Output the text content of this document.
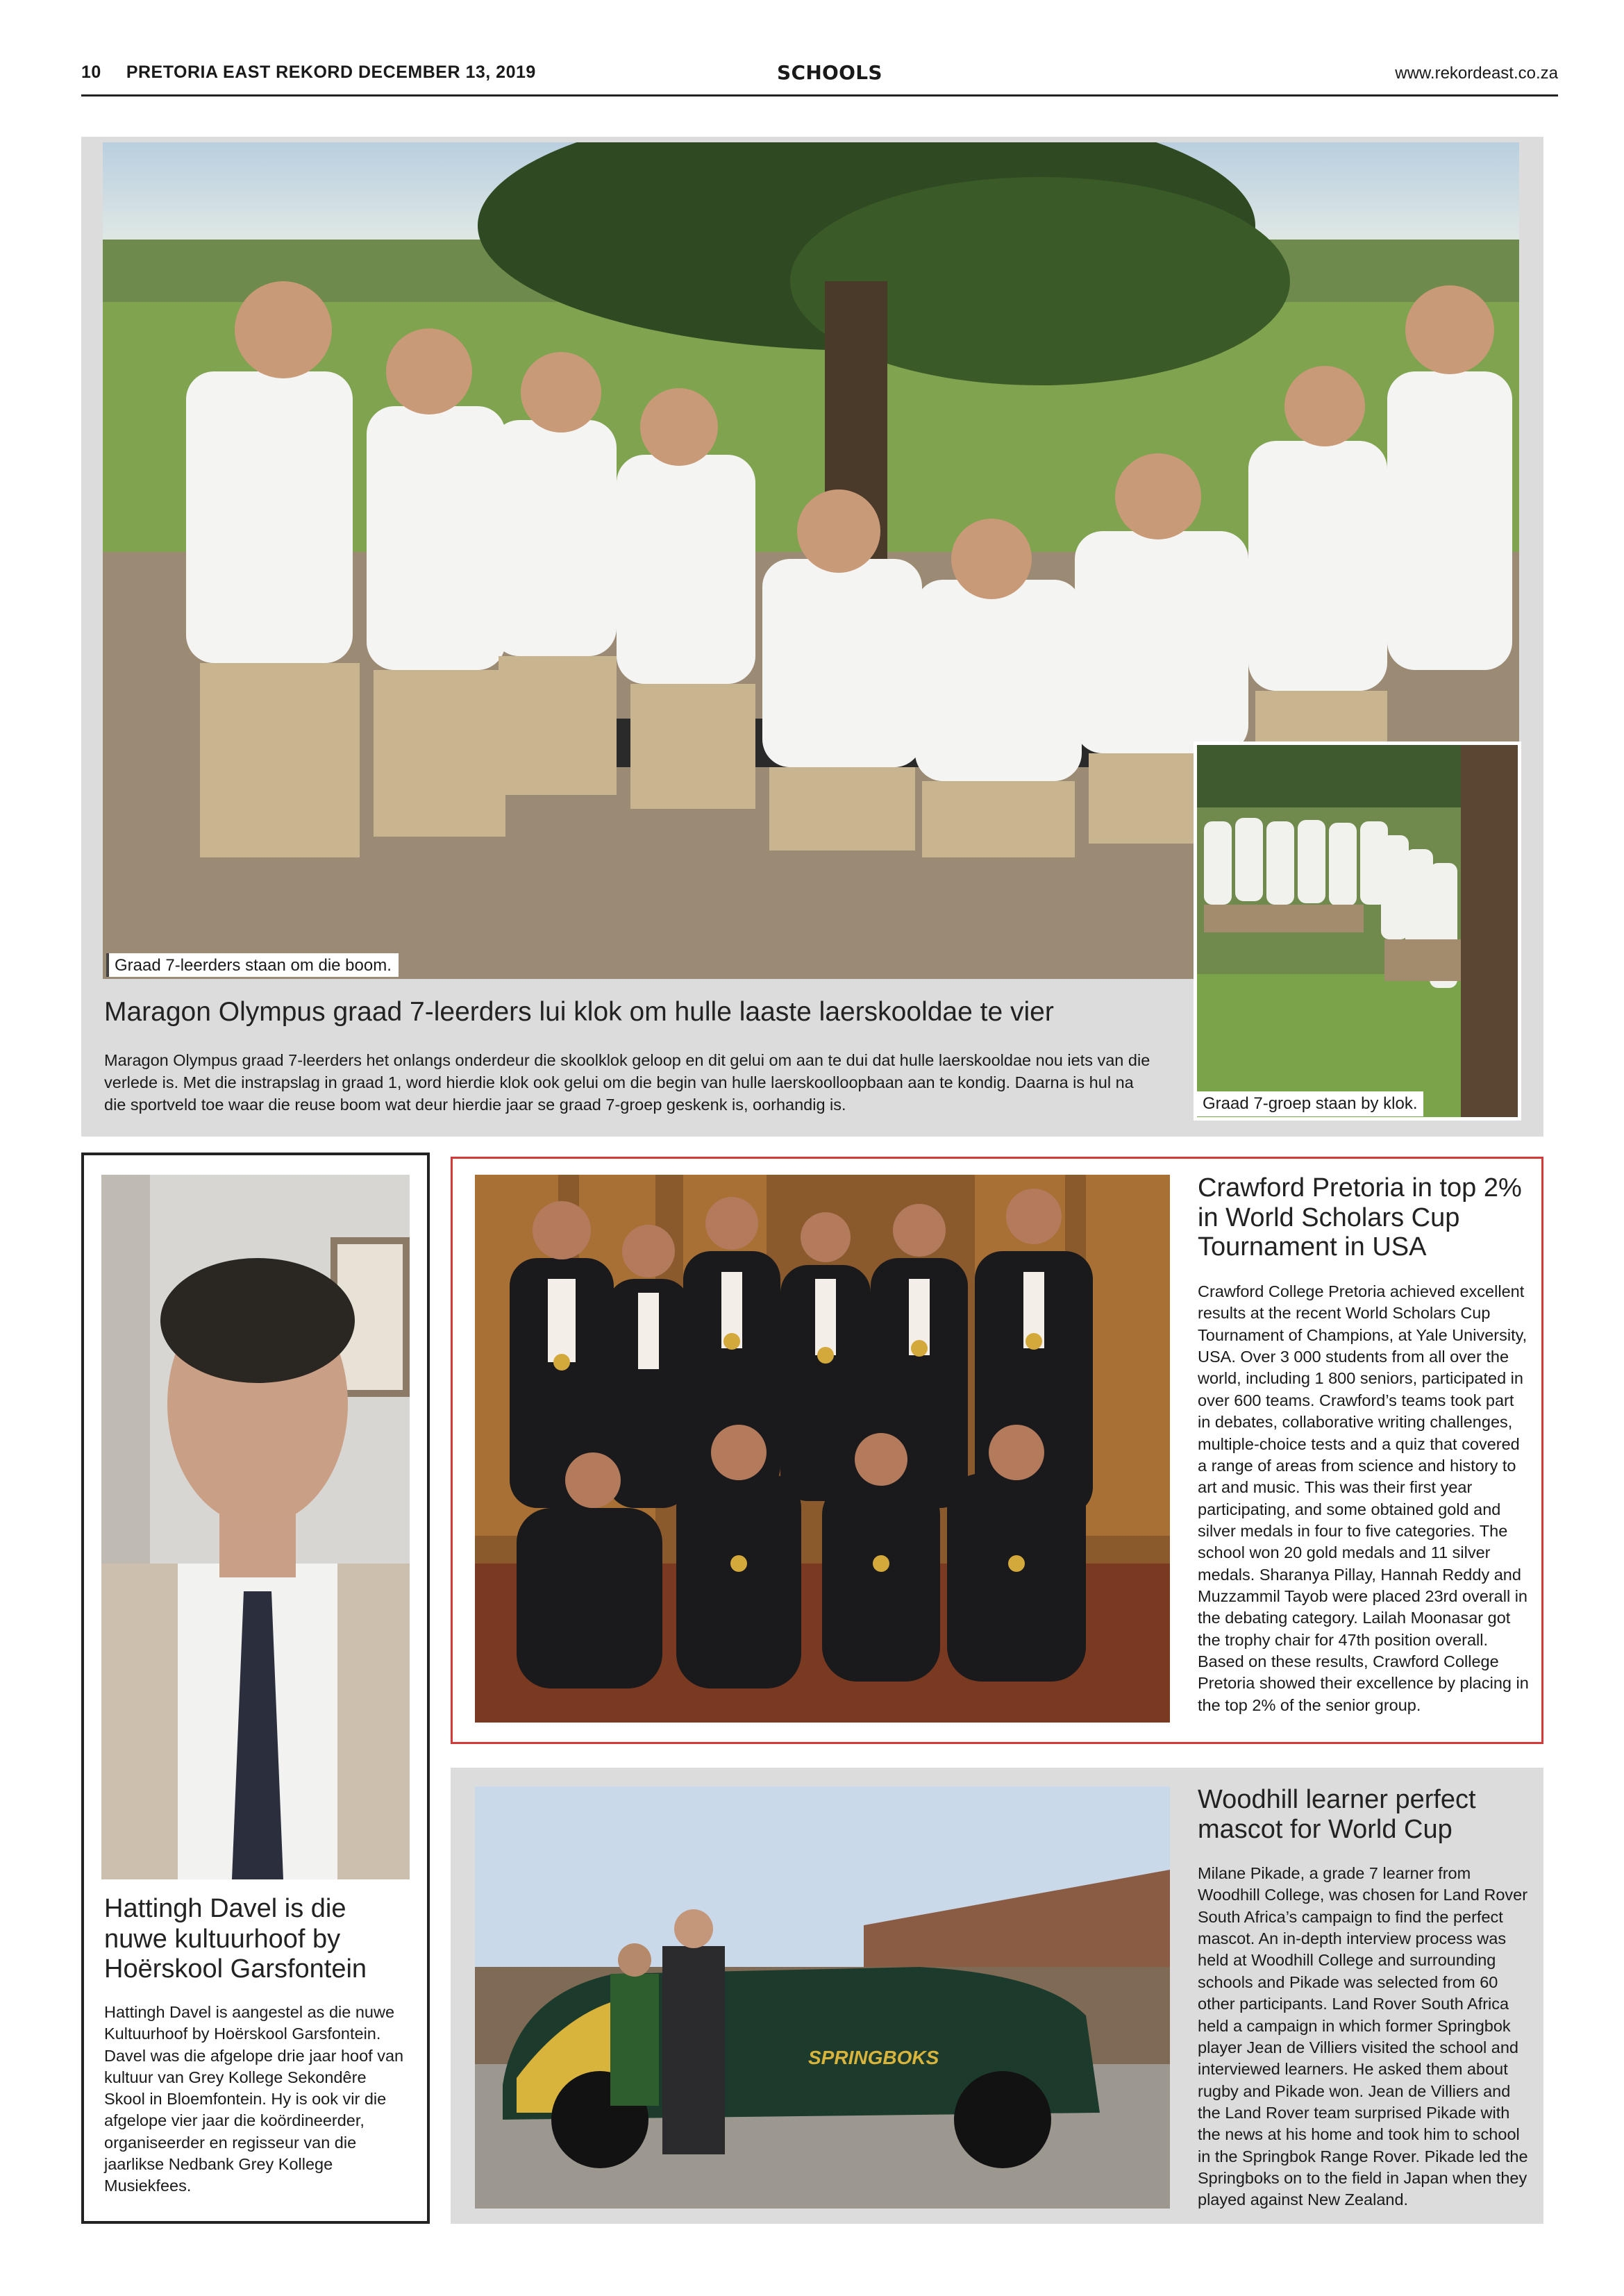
10 PRETORIA EAST REKORD DECEMBER 13, 2019	SCHOOLS	www.rekordeast.co.za
Graad 7-leerders staan om die boom.
Graad 7-groep staan by klok.
Maragon Olympus graad 7-leerders lui klok om hulle laaste laerskooldae te vier
Maragon Olympus graad 7-leerders het onlangs onderdeur die skoolklok geloop en dit gelui om aan te dui dat hulle laerskooldae nou iets van die verlede is. Met die instrapslag in graad 1, word hierdie klok ook gelui om die begin van hulle laerskoolloopbaan aan te kondig. Daarna is hul na die sportveld toe waar die reuse boom wat deur hierdie jaar se graad 7-groep geskenk is, oorhandig is.
Hattingh Davel is die nuwe kultuurhoof by Hoërskool Garsfontein
Hattingh Davel is aangestel as die nuwe Kultuurhoof by Hoërskool Garsfontein. Davel was die afgelope drie jaar hoof van kultuur van Grey Kollege Sekondêre Skool in Bloemfontein. Hy is ook vir die afgelope vier jaar die koördineerder, organiseerder en regisseur van die jaarlikse Nedbank Grey Kollege Musiekfees.
Crawford Pretoria in top 2% in World Scholars Cup Tournament in USA
Crawford College Pretoria achieved excellent results at the recent World Scholars Cup Tournament of Champions, at Yale University, USA. Over 3 000 students from all over the world, including 1 800 seniors, participated in over 600 teams. Crawford’s teams took part in debates, collaborative writing challenges, multiple-choice tests and a quiz that covered a range of areas from science and history to art and music. This was their first year participating, and some obtained gold and silver medals in four to five categories. The school won 20 gold medals and 11 silver medals. Sharanya Pillay, Hannah Reddy and Muzzammil Tayob were placed 23rd overall in the debating category. Lailah Moonasar got the trophy chair for 47th position overall. Based on these results, Crawford College Pretoria showed their excellence by placing in the top 2% of the senior group.
SPRINGBOKS
Woodhill learner perfect mascot for World Cup
Milane Pikade, a grade 7 learner from Woodhill College, was chosen for Land Rover South Africa’s campaign to find the perfect mascot. An in-depth interview process was held at Woodhill College and surrounding schools and Pikade was selected from 60 other participants. Land Rover South Africa held a campaign in which former Springbok player Jean de Villiers visited the school and interviewed learners. He asked them about rugby and Pikade won. Jean de Villiers and the Land Rover team surprised Pikade with the news at his home and took him to school in the Springbok Range Rover. Pikade led the Springboks on to the field in Japan when they played against New Zealand.
